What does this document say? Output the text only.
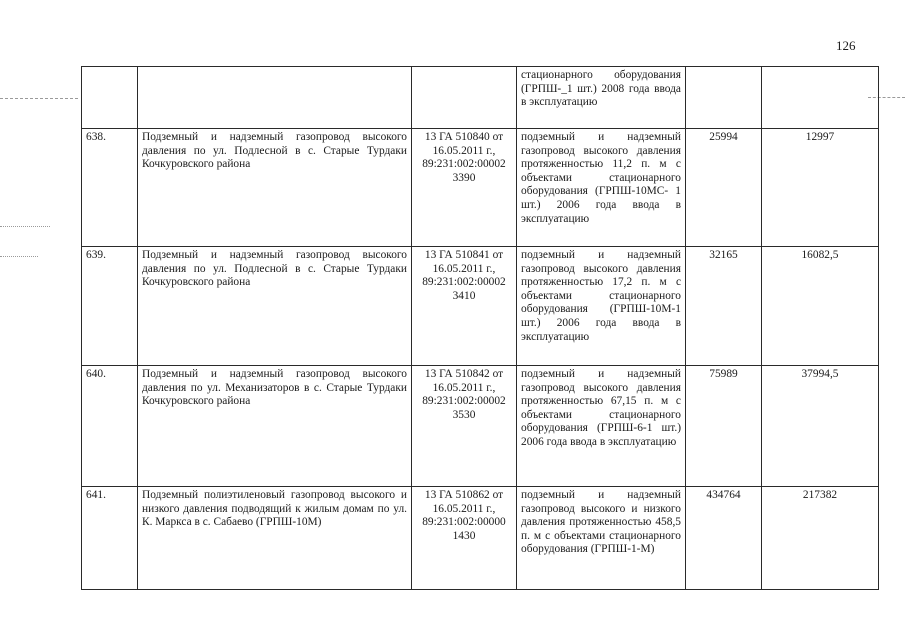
126
			стационарного оборудования (ГРПШ-_1 шт.) 2008 года ввода в эксплуатацию		
638.	Подземный и надземный газопровод высокого давления по ул. Подлесной в с. Старые Турдаки Кочкуровского района	13 ГА 510840 от 16.05.2011 г., 89:231:002:00002 3390	подземный и надземный газопровод высокого давления протяженностью 11,2 п. м с объектами стационарного оборудования (ГРПШ-10МС- 1 шт.) 2006 года ввода в эксплуатацию	25994	12997
639.	Подземный и надземный газопровод высокого давления по ул. Подлесной в с. Старые Турдаки Кочкуровского района	13 ГА 510841 от 16.05.2011 г., 89:231:002:00002 3410	подземный и надземный газопровод высокого давления протяженностью 17,2 п. м с объектами стационарного оборудования (ГРПШ-10М-1 шт.) 2006 года ввода в эксплуатацию	32165	16082,5
640.	Подземный и надземный газопровод высокого давления по ул. Механизаторов в с. Старые Турдаки Кочкуровского района	13 ГА 510842 от 16.05.2011 г., 89:231:002:00002 3530	подземный и надземный газопровод высокого давления протяженностью 67,15 п. м с объектами стационарного оборудования (ГРПШ-6-1 шт.) 2006 года ввода в эксплуатацию	75989	37994,5
641.	Подземный полиэтиленовый газопровод высокого и низкого давления подводящий к жилым домам по ул. К. Маркса в с. Сабаево (ГРПШ-10М)	13 ГА 510862 от 16.05.2011 г., 89:231:002:00000 1430	подземный и надземный газопровод высокого и низкого давления протяженностью 458,5 п. м с объектами стационарного оборудования (ГРПШ-1-М)	434764	217382
